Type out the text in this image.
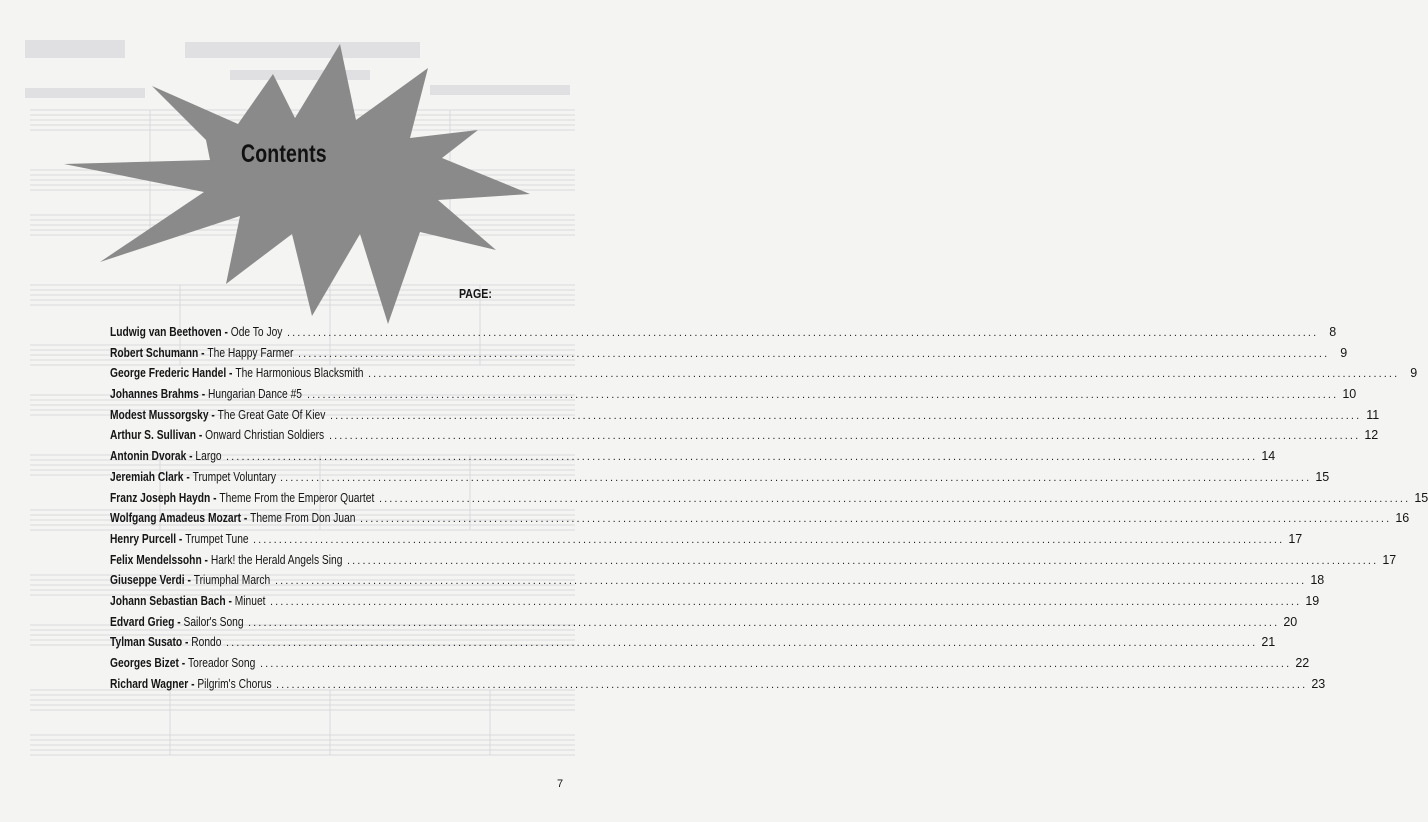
Contents
PAGE:
Ludwig van Beethoven - Ode To Joy ........................................................................................................................................................................................................ 8
Robert Schumann - The Happy Farmer ........................................................................................................................................................................................................ 9
George Frederic Handel - The Harmonious Blacksmith ........................................................................................................................................................................................................ 9
Johannes Brahms - Hungarian Dance #5 ........................................................................................................................................................................................................ 10
Modest Mussorgsky - The Great Gate Of Kiev ........................................................................................................................................................................................................ 11
Arthur S. Sullivan - Onward Christian Soldiers ........................................................................................................................................................................................................ 12
Antonin Dvorak - Largo ........................................................................................................................................................................................................ 14
Jeremiah Clark - Trumpet Voluntary ........................................................................................................................................................................................................ 15
Franz Joseph Haydn - Theme From the Emperor Quartet ........................................................................................................................................................................................................ 15
Wolfgang Amadeus Mozart - Theme From Don Juan ........................................................................................................................................................................................................ 16
Henry Purcell - Trumpet Tune ........................................................................................................................................................................................................ 17
Felix Mendelssohn - Hark! the Herald Angels Sing ........................................................................................................................................................................................................ 17
Giuseppe Verdi - Triumphal March ........................................................................................................................................................................................................ 18
Johann Sebastian Bach - Minuet ........................................................................................................................................................................................................ 19
Edvard Grieg - Sailor's Song ........................................................................................................................................................................................................ 20
Tylman Susato - Rondo ........................................................................................................................................................................................................ 21
Georges Bizet - Toreador Song ........................................................................................................................................................................................................ 22
Richard Wagner - Pilgrim's Chorus ........................................................................................................................................................................................................ 23
7
